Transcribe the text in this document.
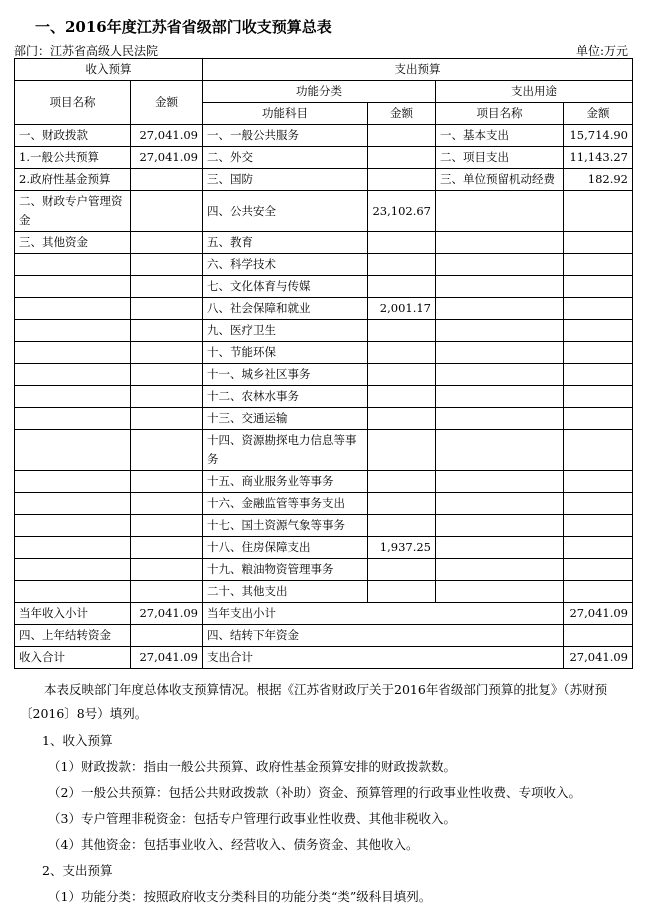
一、2016年度江苏省省级部门收支预算总表
部门：江苏省高级人民法院	单位:万元
收入预算		支出预算			
项目名称	金额	功能分类		支出用途	
		功能科目	金额	项目名称	金额
一、财政拨款	27,041.09	一、一般公共服务		一、基本支出	15,714.90
1.一般公共预算	27,041.09	二、外交		二、项目支出	11,143.27
2.政府性基金预算		三、国防		三、单位预留机动经费	182.92
二、财政专户管理资金		四、公共安全	23,102.67		
三、其他资金		五、教育			
		六、科学技术			
		七、文化体育与传媒			
		八、社会保障和就业	2,001.17		
		九、医疗卫生			
		十、节能环保			
		十一、城乡社区事务			
		十二、农林水事务			
		十三、交通运输			
		十四、资源勘探电力信息等事务			
		十五、商业服务业等事务			
		十六、金融监管等事务支出			
		十七、国土资源气象等事务			
		十八、住房保障支出	1,937.25		
		十九、粮油物资管理事务			
		二十、其他支出			
当年收入小计	27,041.09	当年支出小计			27,041.09
四、上年结转资金		四、结转下年资金			
收入合计	27,041.09	支出合计			27,041.09

本表反映部门年度总体收支预算情况。根据《江苏省财政厅关于2016年省级部门预算的批复》（苏财预〔2016〕8号）填列。

1、收入预算

（1）财政拨款：指由一般公共预算、政府性基金预算安排的财政拨款数。

（2）一般公共预算：包括公共财政拨款（补助）资金、预算管理的行政事业性收费、专项收入。

（3）专户管理非税资金：包括专户管理行政事业性收费、其他非税收入。

（4）其他资金：包括事业收入、经营收入、债务资金、其他收入。

2、支出预算

（1）功能分类：按照政府收支分类科目的功能分类“类”级科目填列。
